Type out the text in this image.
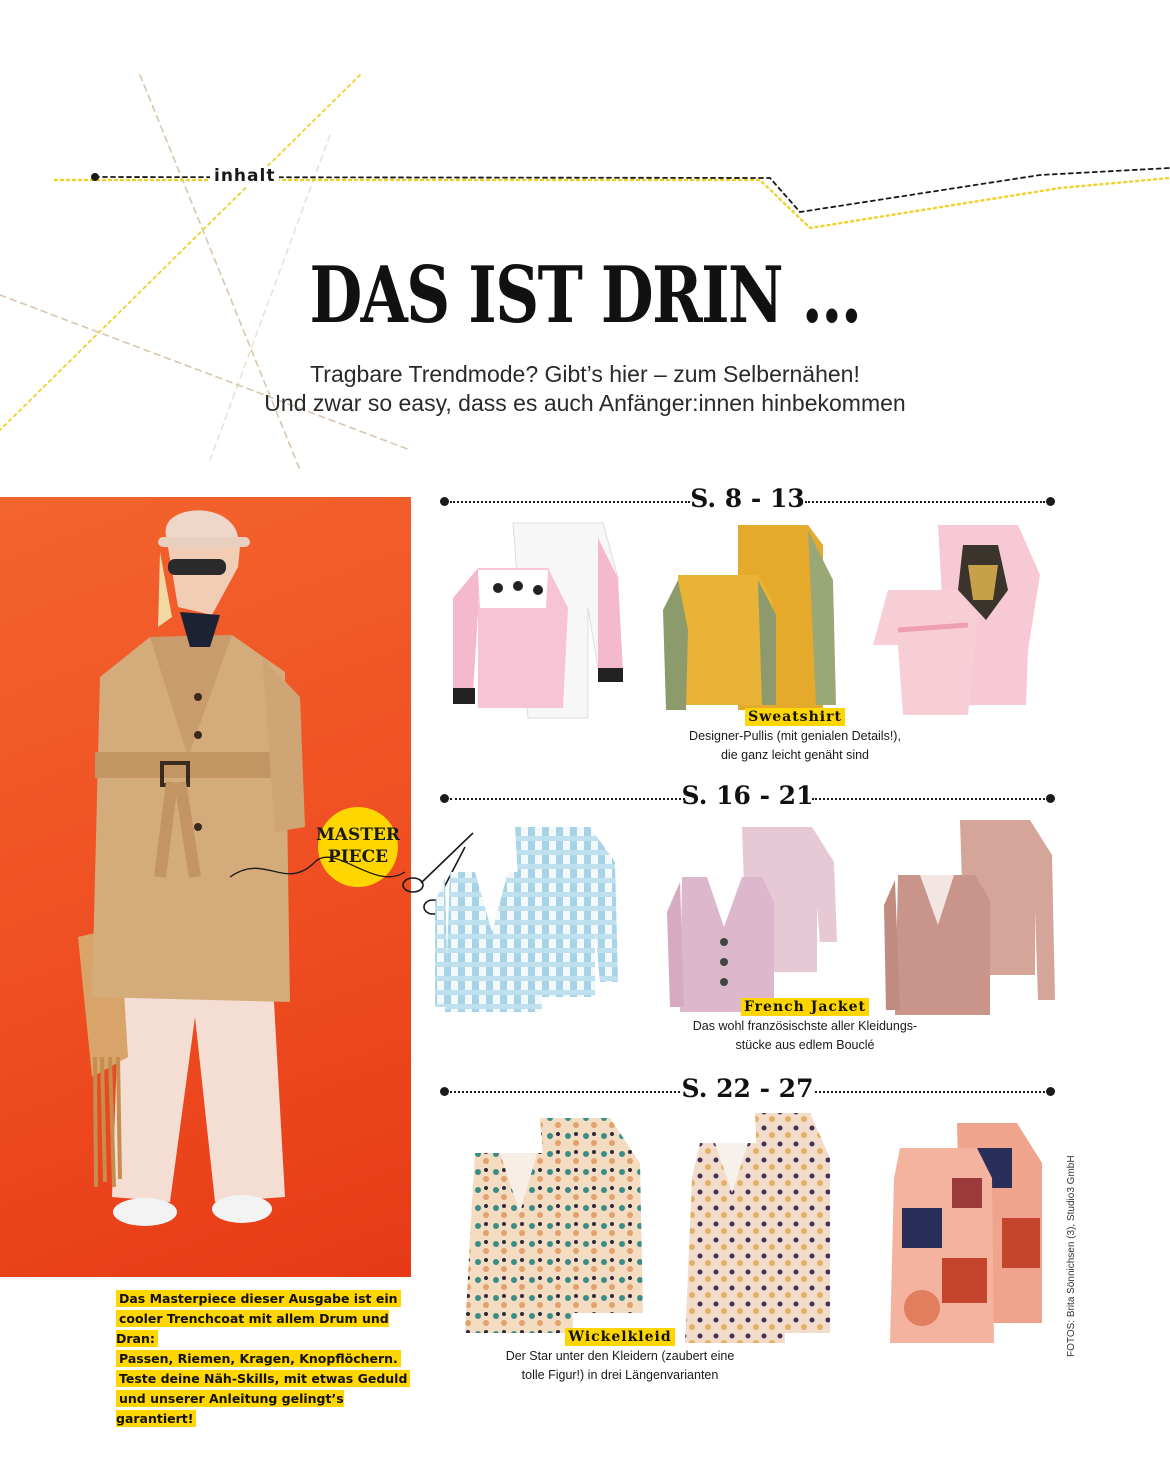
inhalt
DAS IST DRIN ...

Tragbare Trendmode? Gibt’s hier – zum Selbernähen!
Und zwar so easy, dass es auch Anfänger:innen hinbekommen

MASTER
PIECE
Das Masterpiece dieser Ausgabe ist ein
cooler Trenchcoat mit allem Drum und Dran:
Passen, Riemen, Kragen, Knopflöchern.
Teste deine Näh-Skills, mit etwas Geduld
und unserer Anleitung gelingt’s garantiert!
S. 8 - 13
Sweatshirt
Designer-Pullis (mit genialen Details!),
die ganz leicht genäht sind
S. 16 - 21
French Jacket
Das wohl französischste aller Kleidungs-
stücke aus edlem Bouclé
S. 22 - 27
Wickelkleid
Der Star unter den Kleidern (zaubert eine
tolle Figur!) in drei Längenvarianten
FOTOS: Brita Sönnichsen (3), Studio3 GmbH
